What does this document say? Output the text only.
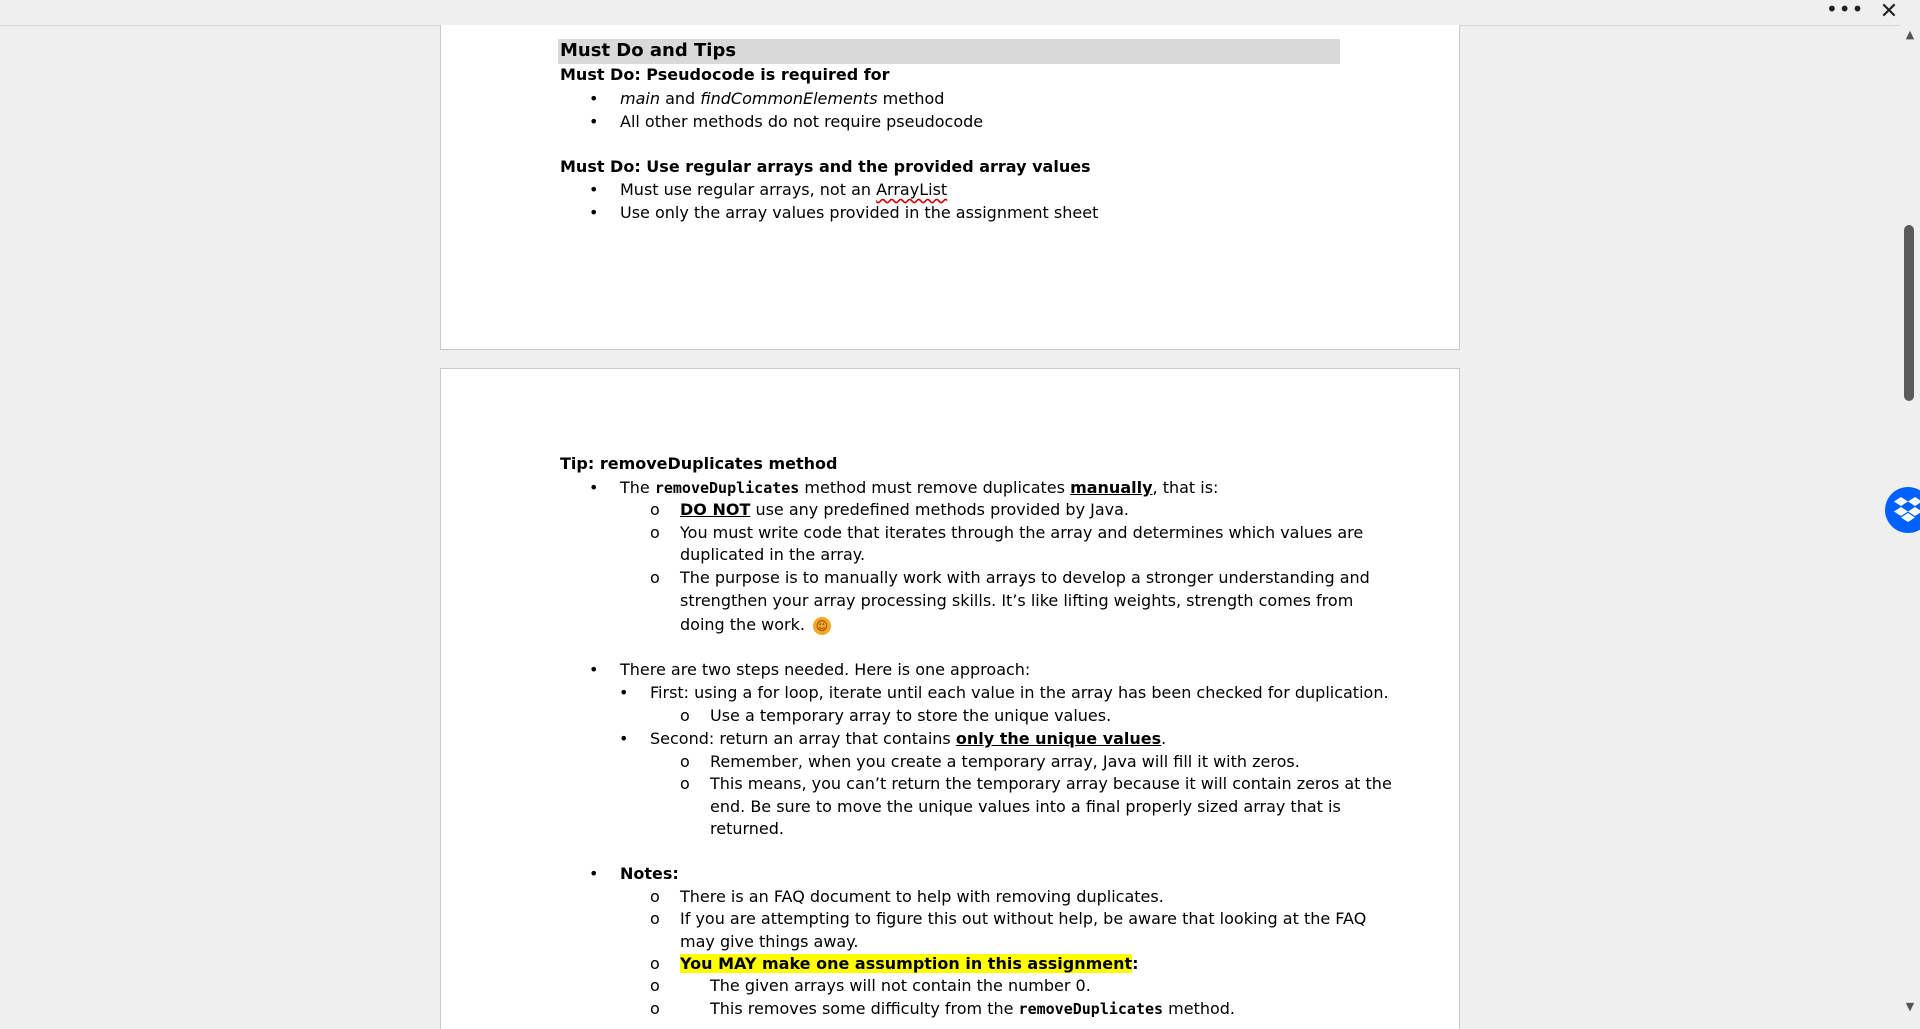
••• ✕
Must Do and Tips
Must Do: Pseudocode is required for
• main and findCommonElements method
• All other methods do not require pseudocode
Must Do: Use regular arrays and the provided array values
• Must use regular arrays, not an ArrayList
• Use only the array values provided in the assignment sheet
Tip: removeDuplicates method
• The removeDuplicates method must remove duplicates manually, that is:
o DO NOT use any predefined methods provided by Java.
o You must write code that iterates through the array and determines which values are
duplicated in the array.
o The purpose is to manually work with arrays to develop a stronger understanding and
strengthen your array processing skills. It’s like lifting weights, strength comes from
doing the work. ☺
• There are two steps needed. Here is one approach:
• First: using a for loop, iterate until each value in the array has been checked for duplication.
o Use a temporary array to store the unique values.
• Second: return an array that contains only the unique values.
o Remember, when you create a temporary array, Java will fill it with zeros.
o This means, you can’t return the temporary array because it will contain zeros at the
end. Be sure to move the unique values into a final properly sized array that is
returned.
• Notes:
o There is an FAQ document to help with removing duplicates.
o If you are attempting to figure this out without help, be aware that looking at the FAQ
may give things away.
o You MAY make one assumption in this assignment:
o	The given arrays will not contain the number 0.
o	This removes some difficulty from the removeDuplicates method.
▲
▼
